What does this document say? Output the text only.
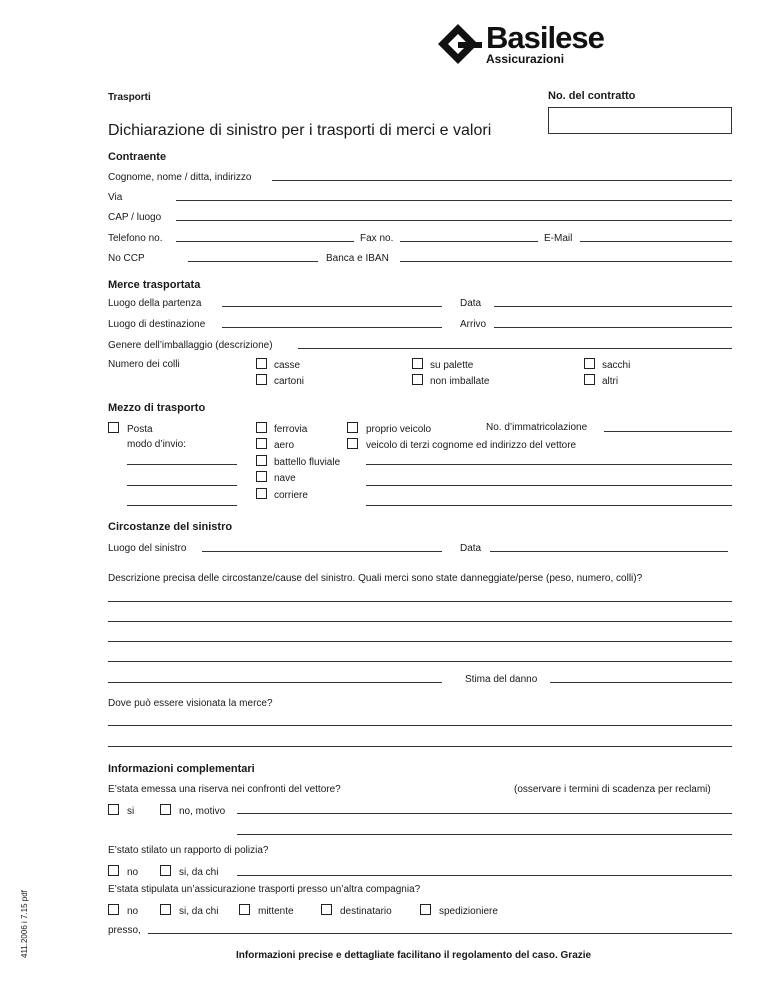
Basilese
Assicurazioni
Trasporti	No. del contratto
Dichiarazione di sinistro per i trasporti di merci e valori
Contraente
Cognome, nome / ditta, indirizzo
Via
CAP / luogo
Telefono no.	Fax no.	E-Mail
No CCP	Banca e IBAN
Merce trasportata
Luogo della partenza	Data
Luogo di destinazione	Arrivo
Genere dell’imballaggio (descrizione)
Numero dei colli	casse	su palette	sacchi
cartoni	non imballate	altri
Mezzo di trasporto
Posta
modo d’invio:
ferrovia
aero
battello fluviale
nave
corriere
proprio veicolo	No. d’immatricolazione
veicolo di terzi cognome ed indirizzo del vettore
Circostanze del sinistro
Luogo del sinistro	Data
Descrizione precisa delle circostanze/cause del sinistro. Quali merci sono state danneggiate/perse (peso, numero, colli)?
Stima del danno
Dove può essere visionata la merce?
Informazioni complementari
E’stata emessa una riserva nei confronti del vettore?	(osservare i termini di scadenza per reclami)
si	no, motivo
E’stato stilato un rapporto di polizia?
no	si, da chi
E’stata stipulata un’assicurazione trasporti presso un’altra compagnia?
no	si, da chi	mittente	destinatario	spedizioniere
presso,
Informazioni precise e dettagliate facilitano il regolamento del caso. Grazie
411.2006 i 7.15 pdf
